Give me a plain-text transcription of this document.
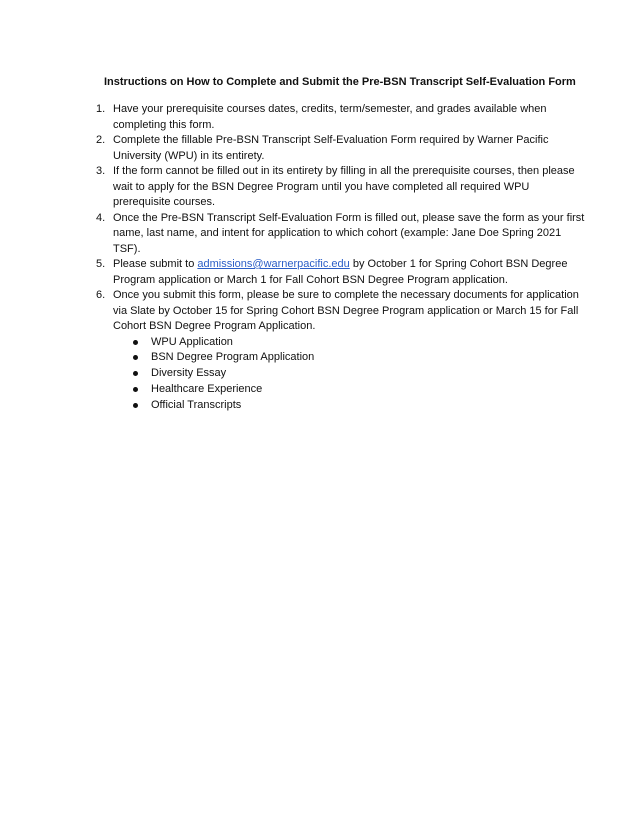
Instructions on How to Complete and Submit the Pre-BSN Transcript Self-Evaluation Form
1. Have your prerequisite courses dates, credits, term/semester, and grades available when
completing this form.
2. Complete the fillable Pre-BSN Transcript Self-Evaluation Form required by Warner Pacific
University (WPU) in its entirety.
3. If the form cannot be filled out in its entirety by filling in all the prerequisite courses, then please
wait to apply for the BSN Degree Program until you have completed all required WPU
prerequisite courses.
4. Once the Pre-BSN Transcript Self-Evaluation Form is filled out, please save the form as your first
name, last name, and intent for application to which cohort (example: Jane Doe Spring 2021
TSF).
5. Please submit to admissions@warnerpacific.edu by October 1 for Spring Cohort BSN Degree
Program application or March 1 for Fall Cohort BSN Degree Program application.
6. Once you submit this form, please be sure to complete the necessary documents for application
via Slate by October 15 for Spring Cohort BSN Degree Program application or March 15 for Fall
Cohort BSN Degree Program Application.
WPU Application
BSN Degree Program Application
Diversity Essay
Healthcare Experience
Official Transcripts
